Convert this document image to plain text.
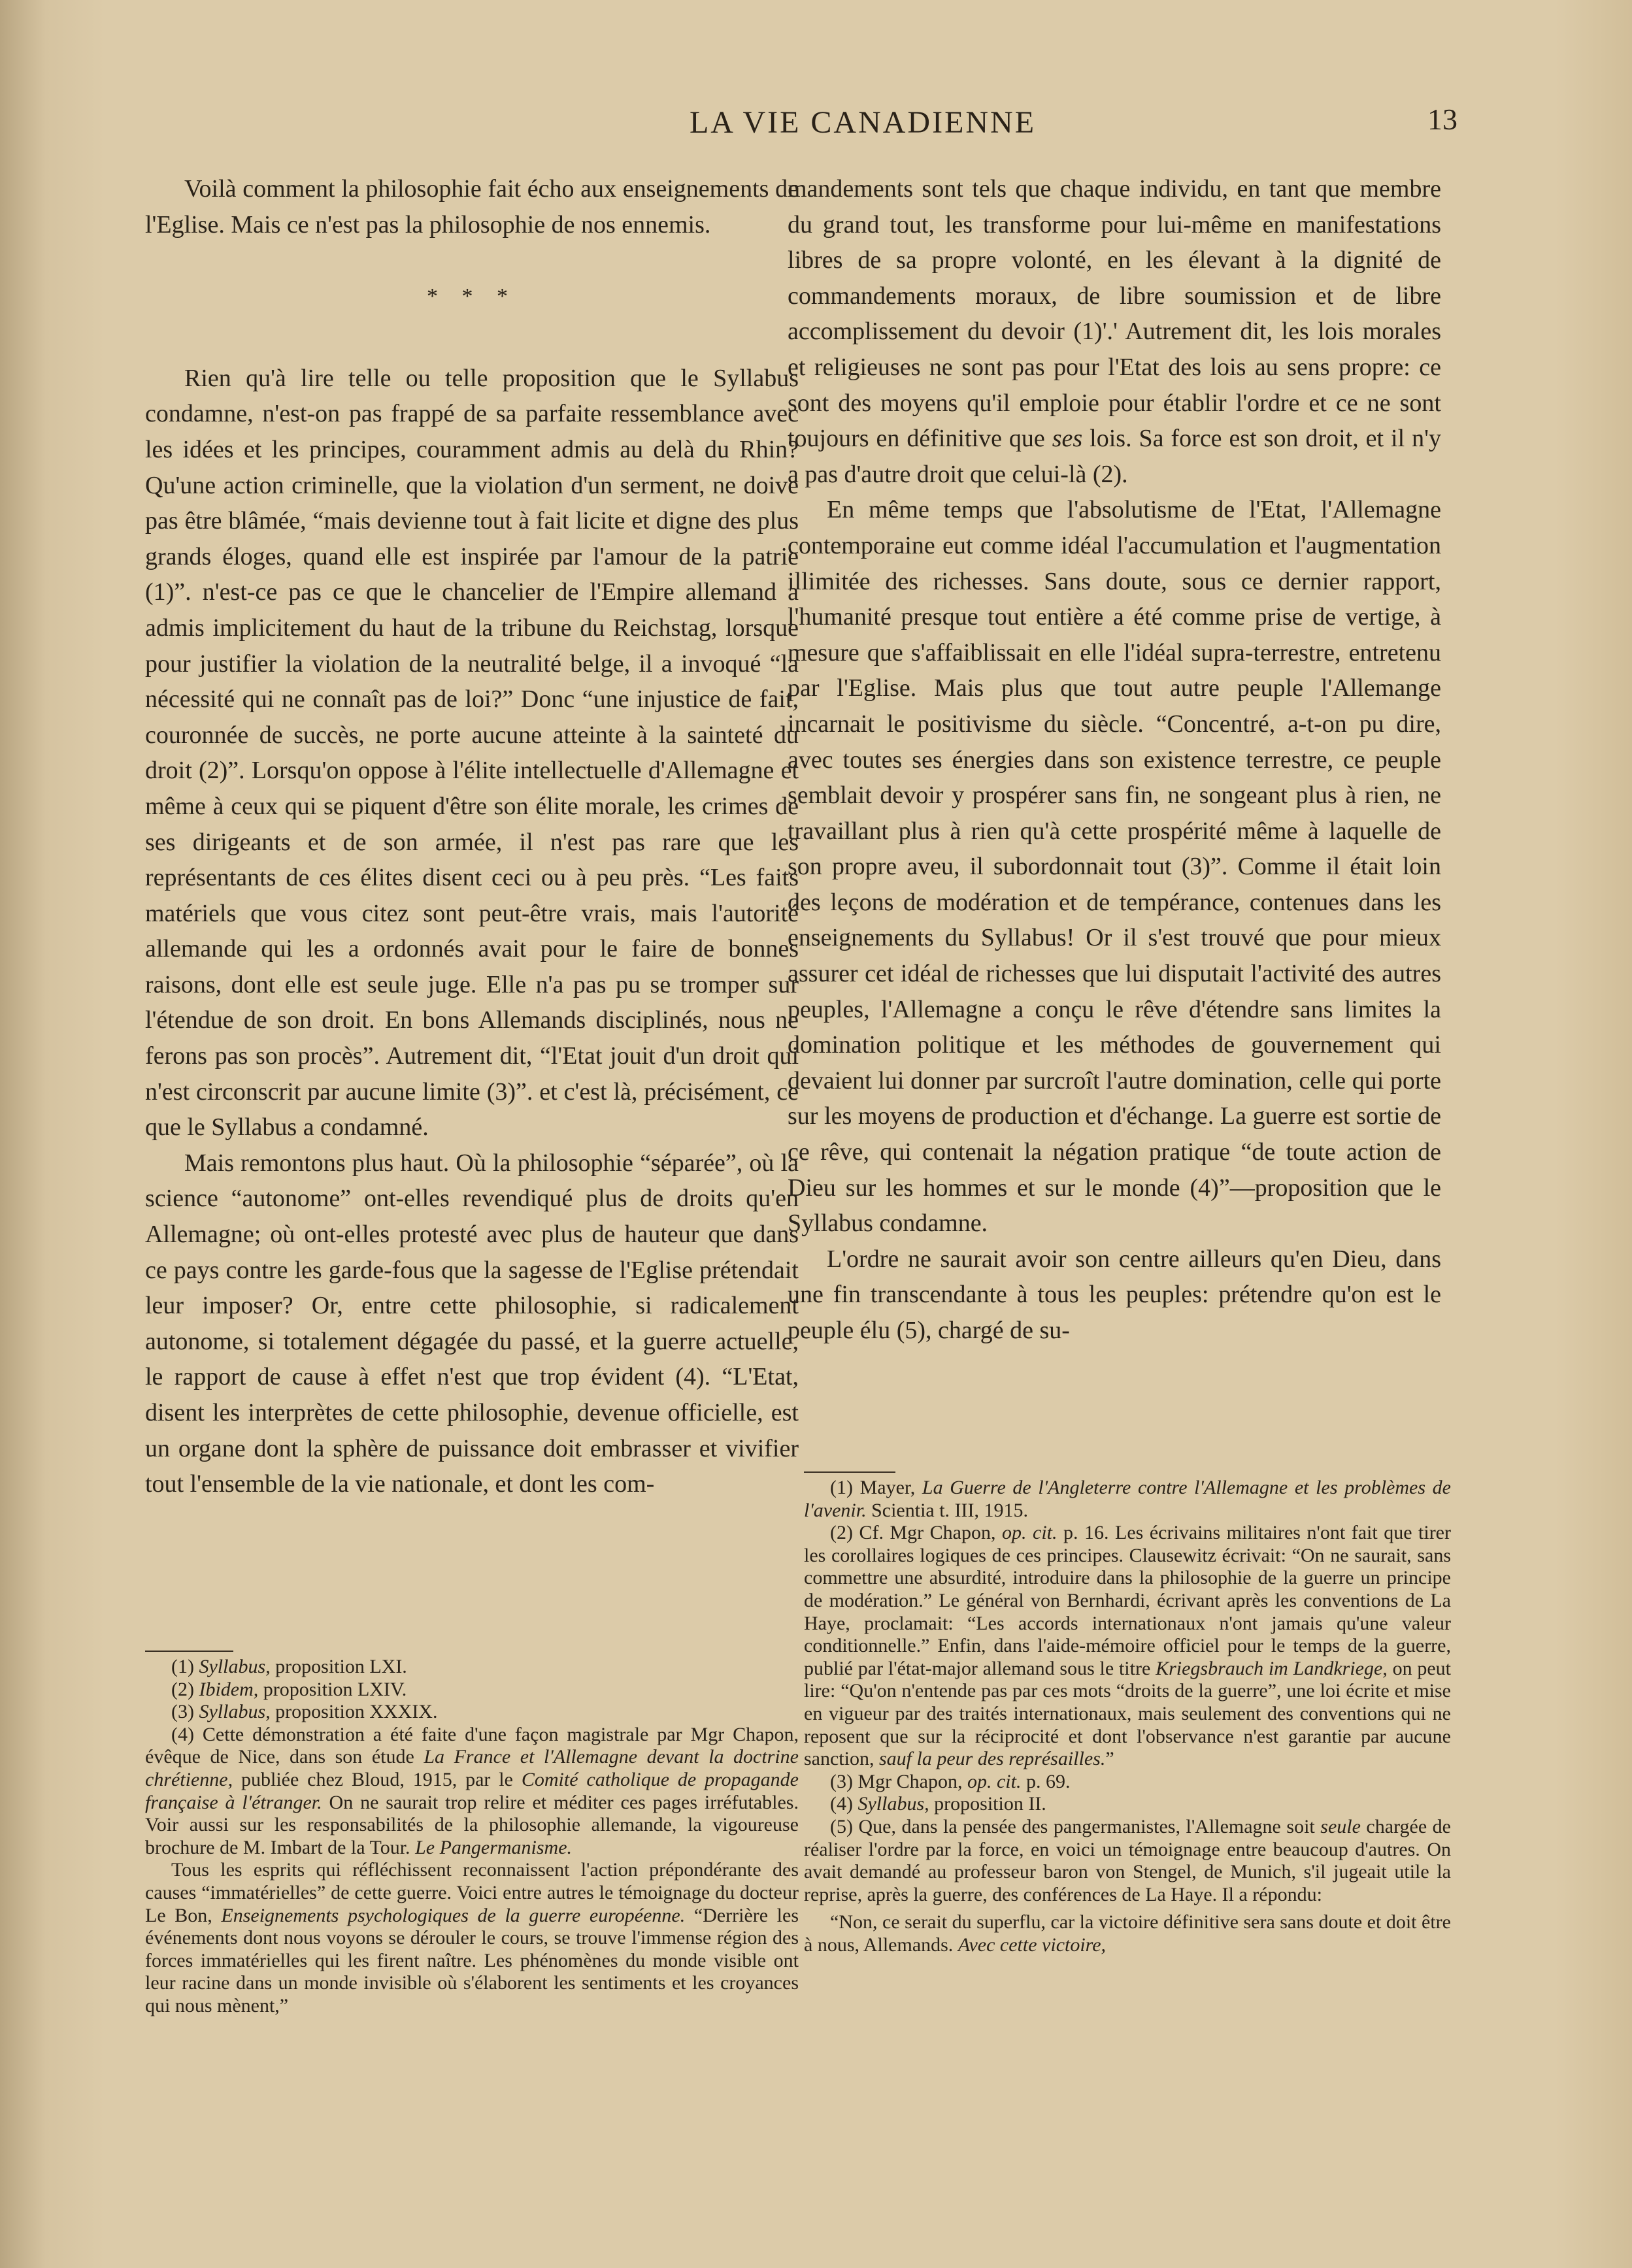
LA VIE CANADIENNE	13

Voilà comment la philosophie fait écho aux enseignements de l'Eglise. Mais ce n'est pas la philosophie de nos ennemis.

* * *

Rien qu'à lire telle ou telle proposition que le Syllabus condamne, n'est-on pas frappé de sa parfaite ressemblance avec les idées et les principes, couramment admis au delà du Rhin? Qu'une action criminelle, que la violation d'un serment, ne doive pas être blâmée, “mais devienne tout à fait licite et digne des plus grands éloges, quand elle est inspirée par l'amour de la patrie (1)”. n'est-ce pas ce que le chancelier de l'Empire allemand a admis implicitement du haut de la tribune du Reichstag, lorsque pour justifier la violation de la neutralité belge, il a invoqué “la nécessité qui ne connaît pas de loi?” Donc “une injustice de fait, couronnée de succès, ne porte aucune atteinte à la sainteté du droit (2)”. Lorsqu'on oppose à l'élite intellectuelle d'Allemagne et même à ceux qui se piquent d'être son élite morale, les crimes de ses dirigeants et de son armée, il n'est pas rare que les représentants de ces élites disent ceci ou à peu près. “Les faits matériels que vous citez sont peut-être vrais, mais l'autorité allemande qui les a ordonnés avait pour le faire de bonnes raisons, dont elle est seule juge. Elle n'a pas pu se tromper sur l'étendue de son droit. En bons Allemands disciplinés, nous ne ferons pas son procès”. Autrement dit, “l'Etat jouit d'un droit qui n'est circonscrit par aucune limite (3)”. et c'est là, précisément, ce que le Syllabus a condamné.

Mais remontons plus haut. Où la philosophie “séparée”, où la science “autonome” ont-elles revendiqué plus de droits qu'en Allemagne; où ont-elles protesté avec plus de hauteur que dans ce pays contre les garde-fous que la sagesse de l'Eglise prétendait leur imposer? Or, entre cette philosophie, si radicalement autonome, si totalement dégagée du passé, et la guerre actuelle, le rapport de cause à effet n'est que trop évident (4). “L'Etat, disent les interprètes de cette philosophie, devenue officielle, est un organe dont la sphère de puissance doit embrasser et vivifier tout l'ensemble de la vie nationale, et dont les com-

mandements sont tels que chaque individu, en tant que membre du grand tout, les transforme pour lui-même en manifestations libres de sa propre volonté, en les élevant à la dignité de commandements moraux, de libre soumission et de libre accomplissement du devoir (1)'.' Autrement dit, les lois morales et religieuses ne sont pas pour l'Etat des lois au sens propre: ce sont des moyens qu'il emploie pour établir l'ordre et ce ne sont toujours en définitive que ses lois. Sa force est son droit, et il n'y a pas d'autre droit que celui-là (2).

En même temps que l'absolutisme de l'Etat, l'Allemagne contemporaine eut comme idéal l'accumulation et l'augmentation illimitée des richesses. Sans doute, sous ce dernier rapport, l'humanité presque tout entière a été comme prise de vertige, à mesure que s'affaiblissait en elle l'idéal supra-terrestre, entretenu par l'Eglise. Mais plus que tout autre peuple l'Allemange incarnait le positivisme du siècle. “Concentré, a-t-on pu dire, avec toutes ses énergies dans son existence terrestre, ce peuple semblait devoir y prospérer sans fin, ne songeant plus à rien, ne travaillant plus à rien qu'à cette prospérité même à laquelle de son propre aveu, il subordonnait tout (3)”. Comme il était loin des leçons de modération et de tempérance, contenues dans les enseignements du Syllabus! Or il s'est trouvé que pour mieux assurer cet idéal de richesses que lui disputait l'activité des autres peuples, l'Allemagne a conçu le rêve d'étendre sans limites la domination politique et les méthodes de gouvernement qui devaient lui donner par surcroît l'autre domination, celle qui porte sur les moyens de production et d'échange. La guerre est sortie de ce rêve, qui contenait la négation pratique “de toute action de Dieu sur les hommes et sur le monde (4)”—proposition que le Syllabus condamne.

L'ordre ne saurait avoir son centre ailleurs qu'en Dieu, dans une fin transcendante à tous les peuples: prétendre qu'on est le peuple élu (5), chargé de su-

(1) Syllabus, proposition LXI.

(2) Ibidem, proposition LXIV.

(3) Syllabus, proposition XXXIX.

(4) Cette démonstration a été faite d'une façon magistrale par Mgr Chapon, évêque de Nice, dans son étude La France et l'Allemagne devant la doctrine chrétienne, publiée chez Bloud, 1915, par le Comité catholique de propagande française à l'étranger. On ne saurait trop relire et méditer ces pages irréfutables. Voir aussi sur les responsabilités de la philosophie allemande, la vigoureuse brochure de M. Imbart de la Tour. Le Pangermanisme.

Tous les esprits qui réfléchissent reconnaissent l'action prépondérante des causes “immatérielles” de cette guerre. Voici entre autres le témoignage du docteur Le Bon, Enseignements psychologiques de la guerre européenne. “Derrière les événements dont nous voyons se dérouler le cours, se trouve l'immense région des forces immatérielles qui les firent naître. Les phénomènes du monde visible ont leur racine dans un monde invisible où s'élaborent les sentiments et les croyances qui nous mènent,”

(1) Mayer, La Guerre de l'Angleterre contre l'Allemagne et les problèmes de l'avenir. Scientia t. III, 1915.

(2) Cf. Mgr Chapon, op. cit. p. 16. Les écrivains militaires n'ont fait que tirer les corollaires logiques de ces principes. Clausewitz écrivait: “On ne saurait, sans commettre une absurdité, introduire dans la philosophie de la guerre un principe de modération.” Le général von Bernhardi, écrivant après les conventions de La Haye, proclamait: “Les accords internationaux n'ont jamais qu'une valeur conditionnelle.” Enfin, dans l'aide-mémoire officiel pour le temps de la guerre, publié par l'état-major allemand sous le titre Kriegsbrauch im Landkriege, on peut lire: “Qu'on n'entende pas par ces mots “droits de la guerre”, une loi écrite et mise en vigueur par des traités internationaux, mais seulement des conventions qui ne reposent que sur la réciprocité et dont l'observance n'est garantie par aucune sanction, sauf la peur des représailles.”

(3) Mgr Chapon, op. cit. p. 69.

(4) Syllabus, proposition II.

(5) Que, dans la pensée des pangermanistes, l'Allemagne soit seule chargée de réaliser l'ordre par la force, en voici un témoignage entre beaucoup d'autres. On avait demandé au professeur baron von Stengel, de Munich, s'il jugeait utile la reprise, après la guerre, des conférences de La Haye. Il a répondu:

“Non, ce serait du superflu, car la victoire définitive sera sans doute et doit être à nous, Allemands. Avec cette victoire,
